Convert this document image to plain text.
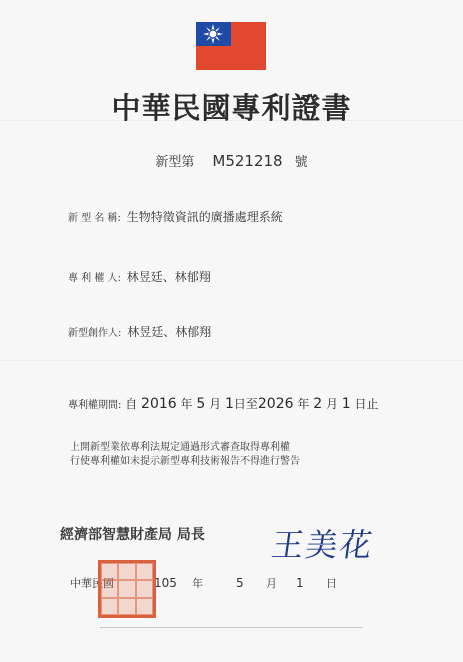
中華民國專利證書
新型第 M521218 號
新 型 名 稱: 生物特徵資訊的廣播處理系統
專 利 權 人: 林昱廷、林郁翔
新型創作人: 林昱廷、林郁翔
專利權期間: 自 2016 年 5 月 1日至2026 年 2 月 1 日止
上開新型業依專利法規定通過形式審查取得專利權
行使專利權如未提示新型專利技術報告不得進行警告
經濟部智慧財產局 局長 王美花
中華民國	105 年	5 月 1 日
